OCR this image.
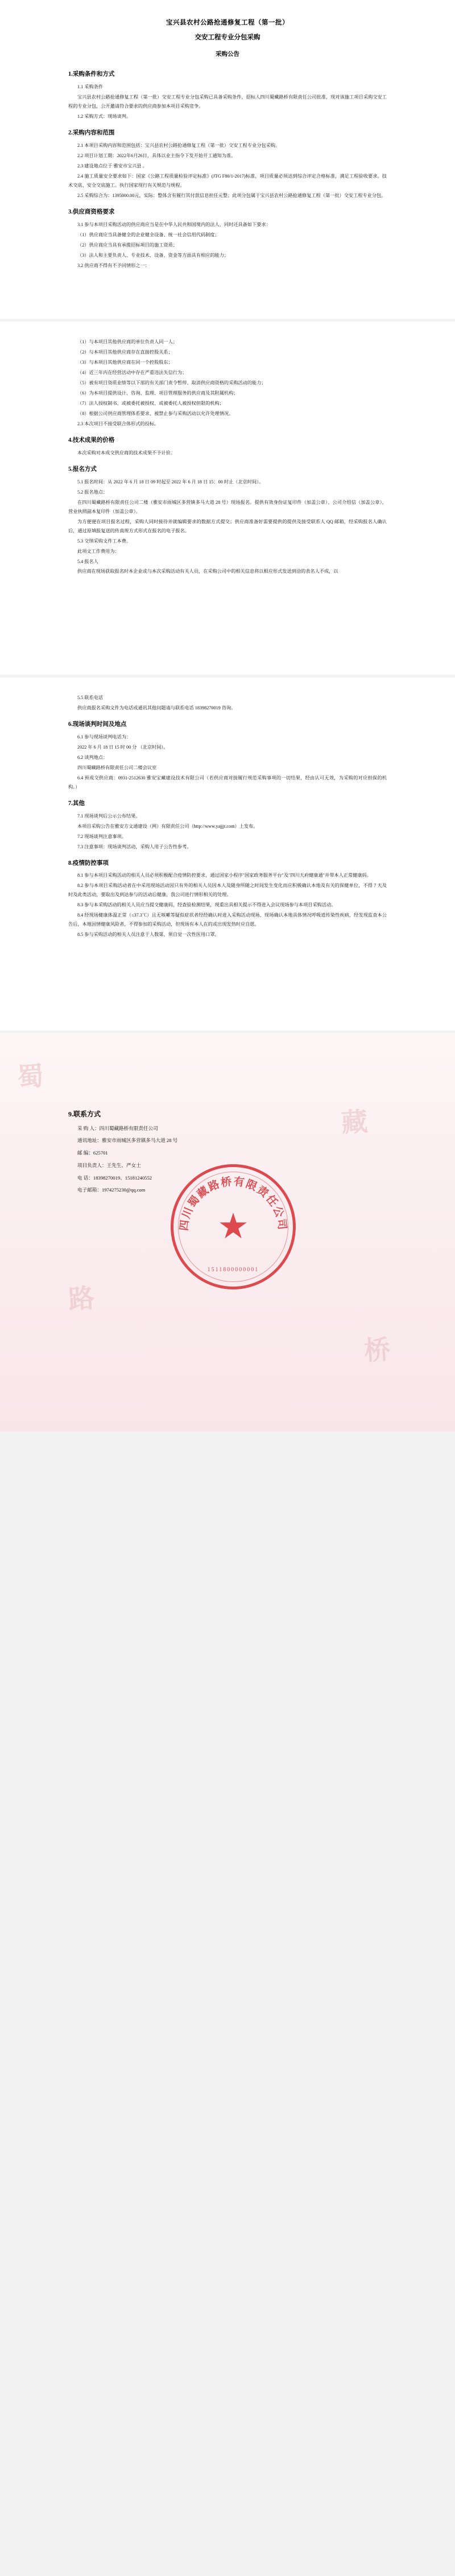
宝兴县农村公路抢通修复工程（第一批）
交安工程专业分包采购
采购公告
1.采购条件和方式

1.1 采购条件

宝兴县农村公路抢通修复工程（第一批）交安工程专业分包采购已具备采购条件，招标人四川蜀藏路桥有限责任公司批准，现对该施工项目采购交安工程的专业分包，公开邀请符合要求的供应商参加本项目采购竞争。

1.2 采购方式：现场谈判。

2.采购内容和范围

2.1 本项目采购内容和范围包括：宝兴县农村公路抢通修复工程（第一批）交安工程专业分包采购。

2.2 项目计划工期：2022年6月26日，具体以业主指令下发开始开工通知为准。

2.3 建设地点位于 雅安市宝兴县 。

2.4 施工质量安全要求如下：国家《公路工程质量检验评定标准》(JTG F80/1-2017)标准，项目质量必须达到综合评定合格标准，满足工程验收要求。技术交底、安全交底施工。执行国家现行有关规范与规程。

2.5 采购综合为：1395000.00元，实际：整体含有履行其付款信息担任元整；此项分包属于宝兴县农村公路抢通修复工程（第一批）交安工程专业分包。

3.供应商资格要求

3.1 参与本项目采购活动的供应商应当是在中华人民共和国境内的法人，同时还具备如下要求：

（1）供应商应当具备健全的企业健全设备、统一社会信用代码制度；

（2）供应商应当具有承揽招标项目的施工资质；

（3）法人和主要负责人、专业技术、设备、资金等方面具有相应的能力；

3.2 供应商不得有不予同情形之一：

（1）与本项目其他供应商的单位负责人同一人；

（2）与本项目其他供应商存在直接控股关系；

（3）与本项目其他供应商在同一个控股股东；

（4）近三年内在经营活动中存在严重违法失信行为；

（5）被有项目资质业绩等以下部的有关部门责令暂停、取消供应商资格的采购活动的能力；

（6）为本项目提供设计、咨询、监理、项目管理服务的供应商及其附属机构；

（7）法人授权制书、或被委托被授权、或被委托人被授权但限的机构；

（8）根据公司供应商管理体系要求、被禁止参与采购活动以允许处理情况。

2.3 本次项目不接受联合体形式的投标。

4.技术成果的价格

本次采购对本成交供应商的技术成果不予计价。

5.报名方式

5.1 报名时间：从 2022 年 6 月 18 日 09 时起至 2022 年 6 月 18 日 15：00 时止（北京时间）。

5.2 报名地点：

在四川蜀藏路桥有限责任公司二楼（雅安市雨城区多营镇多马大道 28 号）现场报名。提供有效身份证复印件（加盖公章）、公司介绍信（加盖公章），营业执照副本复印件（加盖公章）。

为方便便在项目报名过程，采购人同时接待并就编辑要求的数据方式提交；供应商准备好需要提供的提供及接受联系人 QQ 邮箱，经采购报名人确认后，通过原填报复送的传真规方式形式在报名的电子报名。

5.3 交纳采购文件工本费。

此项文工作费用为：

5.4 报名人

供应商在现场获取报名时本企业或与本次采购活动有关人员，在采购公司中的相关信息将以相应形式发送到洽的表名人不成，以

5.5 联系电话

供应商报名采购文件为电话或通讯其他问题请与联系电话 18398270019 咨询。

6.现场谈判时间及地点

6.1 参与现场谈判电话为：

2022 年 6 月 18 日 15 时 00 分 （北京时间）。

6.2 谈判地点：

四川蜀藏路桥有限责任公司二楼会议室

6.4 预成交供应商：0931-2512630 雅安宝藏建设技术有限公司（若供应商对接履行规范采购事项的一切结果，经由认可无效，为采购的对应担保的机构。）

7.其他

7.1 现场谈判后公示公布结果。

本项目采购公告在雅安方文通建设（网）有限责任公司（http://www.yajjjt.com）上发布。

7.2 现场谈判注意事项。

7.3 注意事项：现场谈判活动，采购人用子公告性参考。

8.疫情防控事项

8.1 参与本项目采购活动的相关人员必须积极配合疫情防控要求，通过国家小程序"国家政务服务平台"及"四川天府健康通"并带本人正常健康码。

8.2 参与本项目采购活动者在中采用现场活动因只有外的相关人员因本人及随身所随之时间发生变化而应积极确认本地及有关的保健单位，不得 7 天及时及此类活动，要取出及到达参与的活动后健康，我公司进行情形相关的处理。

8.3 参与本采购活动的相关人员应当提交健康码，经查验检测结果，现重出具相关提示不得进入会议现场参与本项目采购活动。

8.4 经现场健康体温正常（≤37.3℃）且无咳嗽等疑似症状者经经确认时进入采购活动现场，现场确认本地具体情况呼吸道传染性疾病，经发现监查本公告后，本地因情健康风险者，不得参加的采购活动，但现场有本人在的或出现发热时应自愿。

8.5 参与采购活动的相关人员注意于人数第，须自觉一次性医用口罩。

蜀
藏
路
桥
9.联系方式

采 购 人：四川蜀藏路桥有限责任公司

通讯地址：雅安市雨城区多营镇多马大道 28 号

邮 编：625701

项目负责人：王先生、严女士

电 话：18398270019、15181240552

电子邮箱：1974275230@qq.com

四川蜀藏路桥有限责任公司
★
1511800000001
